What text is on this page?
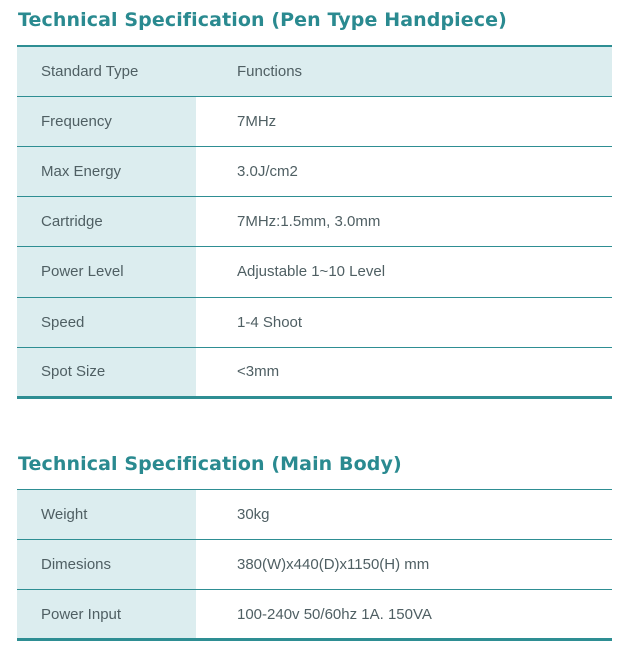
Technical Specification (Pen Type Handpiece)
Standard Type	Functions
Frequency	7MHz
Max Energy	3.0J/cm2
Cartridge	7MHz:1.5mm, 3.0mm
Power Level	Adjustable 1~10 Level
Speed	1-4 Shoot
Spot Size	<3mm
Technical Specification (Main Body)
Weight	30kg
Dimesions	380(W)x440(D)x1150(H) mm
Power Input	100-240v 50/60hz 1A. 150VA
